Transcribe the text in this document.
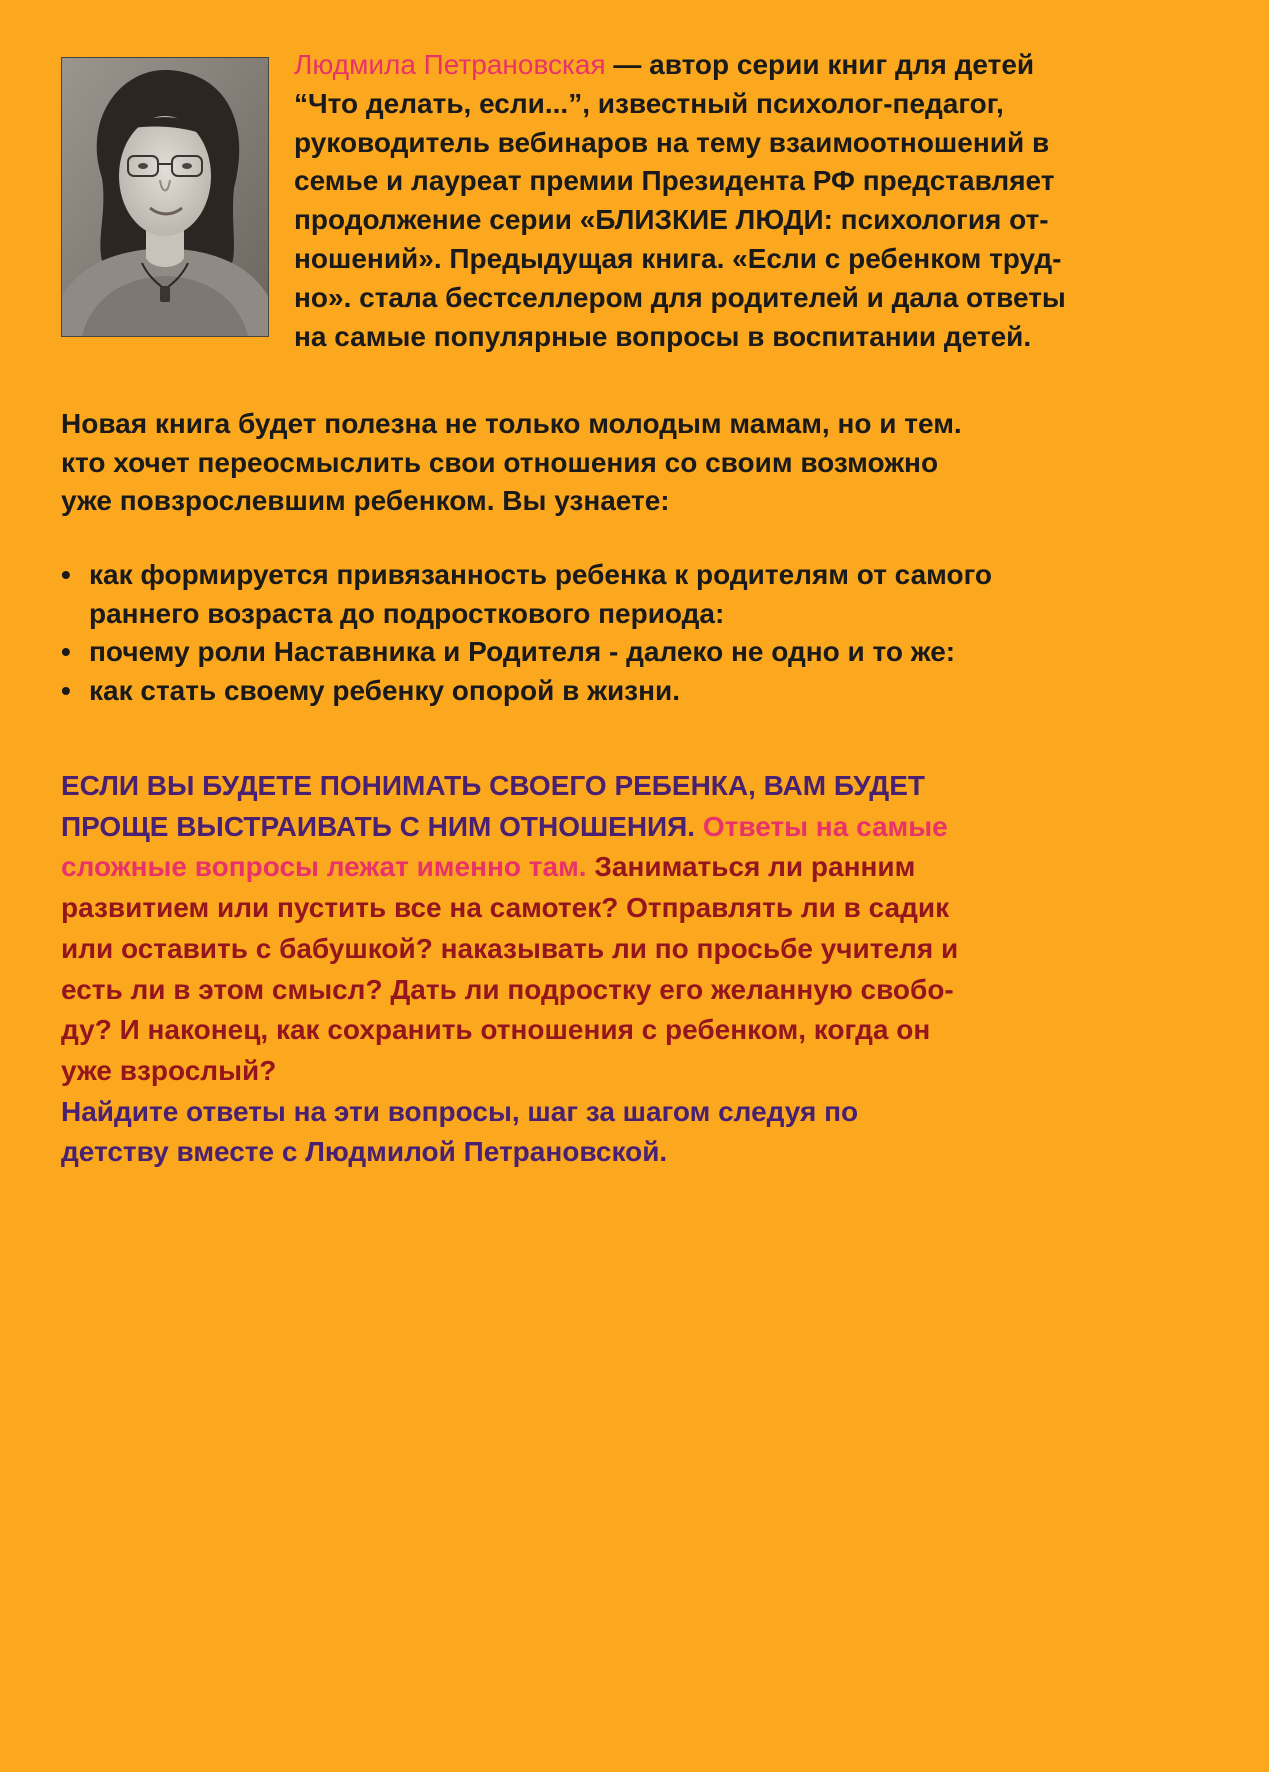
Людмила Петрановская — автор серии книг для детей
“Что делать, если...”, известный психолог-педагог,
руководитель вебинаров на тему взаимоотношений в
семье и лауреат премии Президента РФ представляет
продолжение серии «БЛИЗКИЕ ЛЮДИ: психология от-
ношений». Предыдущая книга. «Если с ребенком труд-
но». стала бестселлером для родителей и дала ответы
на самые популярные вопросы в воспитании детей.

Новая книга будет полезна не только молодым мамам, но и тем.
кто хочет переосмыслить свои отношения со своим возможно
уже повзрослевшим ребенком. Вы узнаете:

• как формируется привязанность ребенка к родителям от самого
раннего возраста до подросткового периода:
• почему роли Наставника и Родителя - далеко не одно и то же:
• как стать своему ребенку опорой в жизни.

ЕСЛИ ВЫ БУДЕТЕ ПОНИМАТЬ СВОЕГО РЕБЕНКА, ВАМ БУДЕТ
ПРОЩЕ ВЫСТРАИВАТЬ С НИМ ОТНОШЕНИЯ. Ответы на самые
сложные вопросы лежат именно там. Заниматься ли ранним
развитием или пустить все на самотек? Отправлять ли в садик
или оставить с бабушкой? наказывать ли по просьбе учителя и
есть ли в этом смысл? Дать ли подростку его желанную свобо-
ду? И наконец, как сохранить отношения с ребенком, когда он
уже взрослый?
Найдите ответы на эти вопросы, шаг за шагом следуя по
детству вместе с Людмилой Петрановской.
